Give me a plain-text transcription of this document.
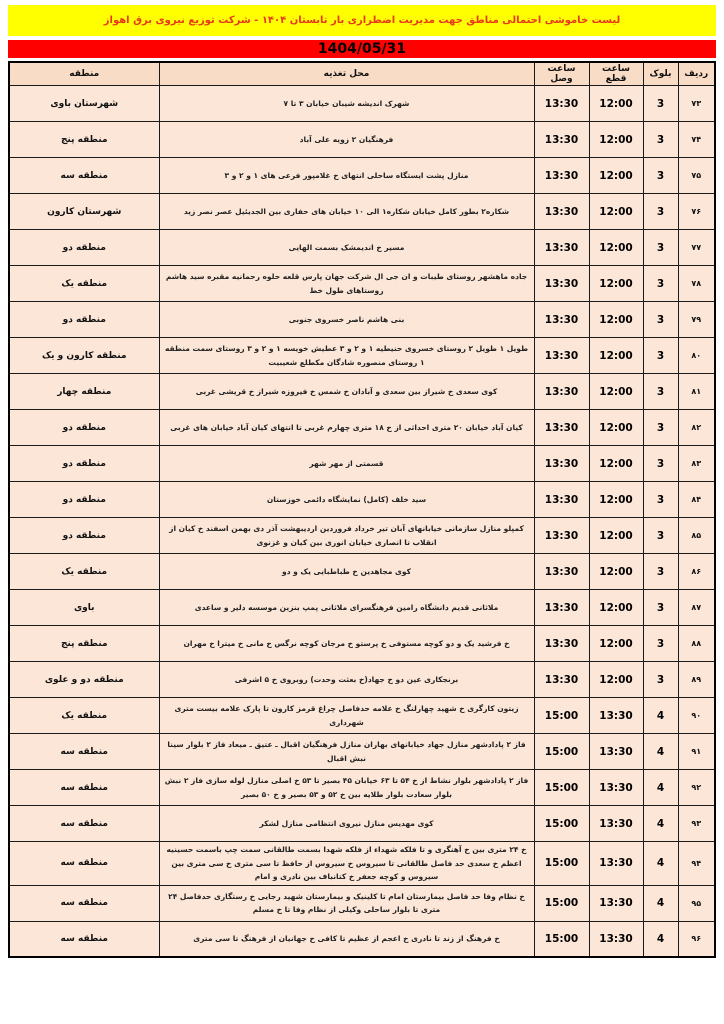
لیست خاموشی احتمالی مناطق جهت مدیریت اضطراری بار تابستان ۱۴۰۴ - شرکت توزیع نیروی برق اهواز
1404/05/31
ردیف	بلوک	ساعت قطع	ساعت وصل	محل تغذیه	منطقه
۷۳	3	12:00	13:30	شهرک اندیشه شیبان خیابان ۳ تا ۷	شهرستان باوی
۷۴	3	12:00	13:30	فرهنگیان ۲ زویه علی آباد	منطقه پنج
۷۵	3	12:00	13:30	منازل پشت ایستگاه ساحلی انتهای خ غلامپور فرعی های ۱ و ۲ و ۳	منطقه سه
۷۶	3	12:00	13:30	شکاره۲ بطور کامل خیابان شکاره۱ الی ۱۰ خیابان های حفاری بین الجدیئیل عصر نصر زید	شهرستان کارون
۷۷	3	12:00	13:30	مسیر خ اندیمشک بسمت الهایی	منطقه دو
۷۸	3	12:00	13:30	جاده ماهشهر روستای طیبات و ان جی ال شرکت جهان پارس قلعه حلوه رحمانیه مقبره سید هاشم روستاهای طول خط	منطقه یک
۷۹	3	12:00	13:30	بنی هاشم ناصر خسروی جنوبی	منطقه دو
۸۰	3	12:00	13:30	طویل ۱ طویل ۲ روستای خسروی حنیطیه ۱ و ۲ و ۳ عطیش خویسه ۱ و ۲ و ۳ روستای سمت منطقه ۱ روستای منصوره شادگان مکطلع شعیبیت	منطقه کارون و یک
۸۱	3	12:00	13:30	کوی سعدی خ شیراز بین سعدی و آبادان خ شمس خ فیروزه شیراز خ قریشی غربی	منطقه چهار
۸۲	3	12:00	13:30	کیان آباد خیابان ۲۰ متری احداثی از خ ۱۸ متری چهارم غربی تا انتهای کیان آباد خیابان های غربی	منطقه دو
۸۳	3	12:00	13:30	قسمتی از مهر شهر	منطقه دو
۸۴	3	12:00	13:30	سید خلف (کامل) نمایشگاه دائمی خوزستان	منطقه دو
۸۵	3	12:00	13:30	کمپلو منازل سازمانی خیابانهای آبان تیر خرداد فروردین اردیبهشت آذر دی بهمن اسفند خ کیان از انقلاب تا انصاری خیابان انوری بین کیان و غزنوی	منطقه دو
۸۶	3	12:00	13:30	کوی مجاهدین خ طباطبایی یک و دو	منطقه یک
۸۷	3	12:00	13:30	ملاثانی قدیم دانشگاه رامین فرهنگسرای ملاثانی پمپ بنزین موسسه دلیر و ساعدی	باوی
۸۸	3	12:00	13:30	خ فرشید یک و دو کوچه مستوفی خ پرستو خ مرجان کوچه نرگس خ مانی خ میترا خ مهران	منطقه پنج
۸۹	3	12:00	13:30	برنجکاری عین دو خ جهاد(خ بعثت وحدت) روبروی خ ۵ اشرفی	منطقه دو و علوی
۹۰	4	13:30	15:00	زیتون کارگری خ شهید چهارلنگ خ علامه حدفاصل چراغ قرمز کارون تا پارک علامه بیست متری شهرداری	منطقه یک
۹۱	4	13:30	15:00	فاز ۲ پادادشهر منازل جهاد خیابانهای بهاران منازل فرهنگیان اقبال ـ عتیق ـ میعاد فاز ۲ بلوار سینا نبش اقبال	منطقه سه
۹۲	4	13:30	15:00	فاز ۲ پادادشهر بلوار نشاط از خ ۵۴ تا ۶۳ خیابان ۴۵ بصیر تا ۵۳ خ اصلی منازل لوله سازی فاز ۲ نبش بلوار سعادت بلوار طلایه بین خ ۵۲ و ۵۳ بصیر و خ ۵۰ بصیر	منطقه سه
۹۳	4	13:30	15:00	کوی مهدیس منازل نیروی انتظامی منازل لشکر	منطقه سه
۹۴	4	13:30	15:00	خ ۲۴ متری بین خ آهنگری و تا فلکه شهداء از فلکه شهدا بسمت طالقانی سمت چپ باسمت حسینیه اعظم خ سعدی حد فاصل طالقانی تا سیروس خ سیروس از حافظ تا سی متری خ سی متری بین سیروس و کوچه جعفر خ کتانباف بین نادری و امام	منطقه سه
۹۵	4	13:30	15:00	خ نظام وفا حد فاصل بیمارستان امام تا کلینیک و بیمارستان شهید رجایی خ رستگاری حدفاصل ۲۴ متری تا بلوار ساحلی وکیلی از نظام وفا تا خ مسلم	منطقه سه
۹۶	4	13:30	15:00	خ فرهنگ از زند تا نادری خ اعجم از عظیم تا کافی خ جهانیان از فرهنگ تا سی متری	منطقه سه
